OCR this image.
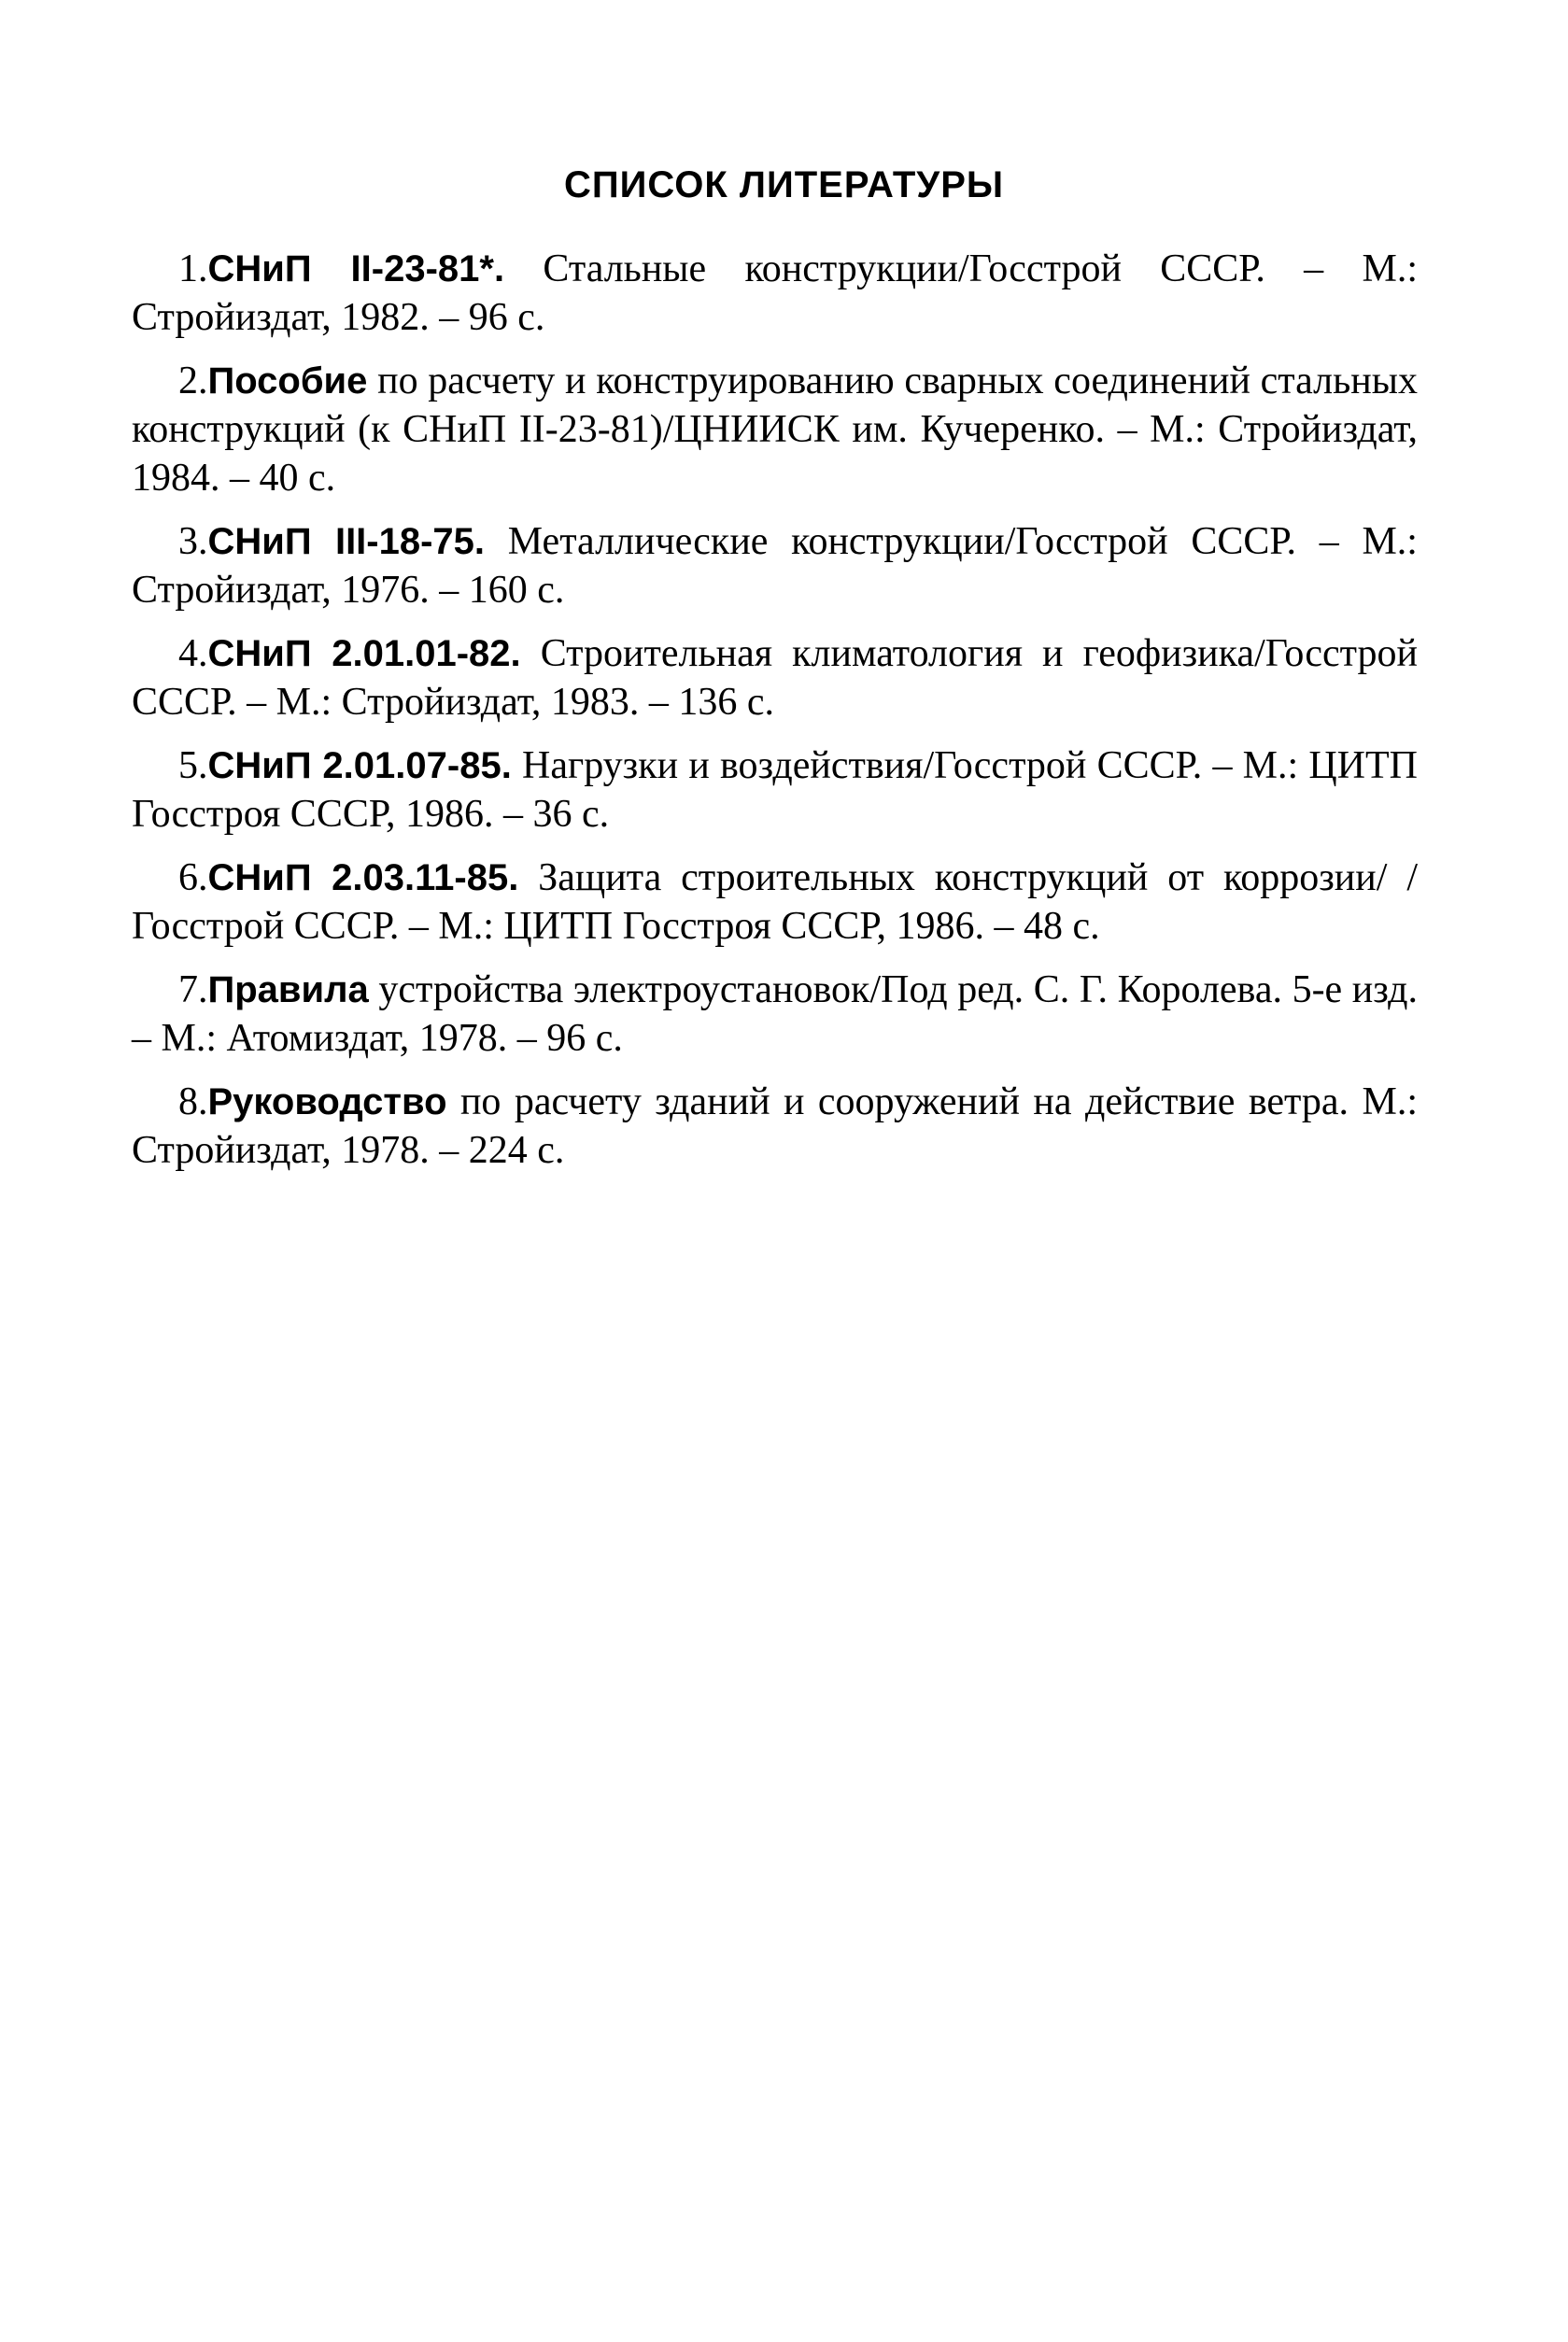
СПИСОК ЛИТЕРАТУРЫ
1.СНиП II-23-81*. Стальные конструкции/Госстрой СССР. – М.: Стройиздат, 1982. – 96 с.
2.Пособие по расчету и конструированию сварных соединений стальных конструкций (к СНиП II-23-81)/ЦНИИСК им. Кучеренко. – М.: Стройиздат, 1984. – 40 с.
3.СНиП III-18-75. Металлические конструкции/Госстрой СССР. – М.: Стройиздат, 1976. – 160 с.
4.СНиП 2.01.01-82. Строительная климатология и геофизика/Госстрой СССР. – М.: Стройиздат, 1983. – 136 с.
5.СНиП 2.01.07-85. Нагрузки и воздействия/Госстрой СССР. – М.: ЦИТП Госстроя СССР, 1986. – 36 с.
6.СНиП 2.03.11-85. Защита строительных конструкций от коррозии/ /Госстрой СССР. – М.: ЦИТП Госстроя СССР, 1986. – 48 с.
7.Правила устройства электроустановок/Под ред. С. Г. Королева. 5-е изд. – М.: Атомиздат, 1978. – 96 с.
8.Руководство по расчету зданий и сооружений на действие ветра. М.: Стройиздат, 1978. – 224 с.
